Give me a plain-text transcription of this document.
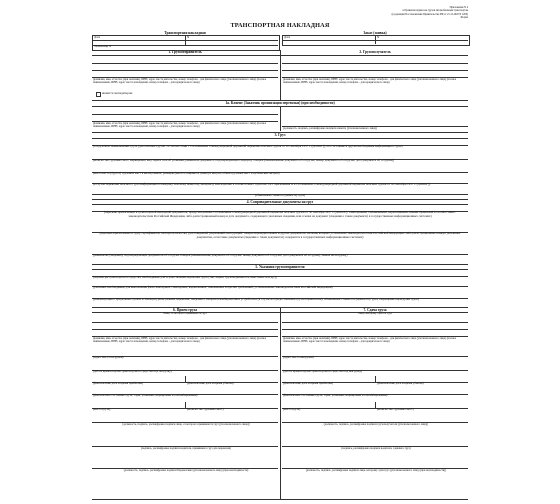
Приложение N 4
к Правилам перевозок грузов автомобильным транспортом
(в редакции Постановления Правительства РФ от 21.12.2020 N 2200)
Форма
ТРАНСПОРТНАЯ НАКЛАДНАЯ
Транспортная накладная	Заказ (заявка)
Дата	N	Дата	N
Экземпляр N
1. Грузоотправитель	2. Грузополучатель
(фамилия, имя, отчество (при наличии), ИНН, адрес места жительства, номер телефона - для физического лица (уполномоченного лица) (полное наименование, ИНН, адрес места нахождения, номер телефона - для юридического лица)
(фамилия, имя, отчество (при наличии), ИНН, адрес места жительства, номер телефона - для физического лица (уполномоченного лица) (полное наименование, ИНН, адрес места нахождения, номер телефона - для юридического лица)
является экспедитором
1а. Клиент (Заказчик организации перевозки) (при необходимости)
(фамилия, имя, отчество (при наличии), ИНН, адрес места жительства, номер телефона - для физического лица (уполномоченного лица) (полное наименование, ИНН, адрес места нахождения, номер телефона - для юридического лица)
(должность, подпись, расшифровка подписи клиента (уполномоченного лица))
3. Груз
(отгрузочное наименование груза (для опасных грузов - в соответствии с Соглашением о международной дорожной перевозке опасных грузов от 30 сентября 1957 г. (ДОПОГ)), его состояние и другая необходимая информация о грузе)
(количество грузовых мест, маркировка, вид тары и способ упаковки, реквизиты документа, подтверждающего передачу товаров (наименование документа об отгрузке, номер документа об отгрузке, дата документа об отгрузке))
(масса нетто (брутто) грузовых мест в килограммах, размеры (высота, ширина и длина) в метрах, объем грузовых мест в кубических метрах)
(в случае перевозки опасного груза информация по каждому опасному веществу, материалу или изделию в соответствии с пунктом 5.4.1 приложения А к Соглашению о международной дорожной перевозке опасных грузов от 30 сентября 1957 г. (ДОПОГ))
(объявленная стоимость (ценность) груза)
4. Сопроводительные документы на груз
(перечень прилагаемых к транспортной накладной документов, предусмотренных Соглашением о международной дорожной перевозке опасных грузов от 30 сентября 1957 г. (ДОПОГ), санитарными, таможенными, карантинными, иными правилами в соответствии с законодательством Российской Федерации, либо регистрационный номер и дата документа, содержащего указанные сведения, или ссылка на документ (сведения о таком документе) в государственных информационных системах)
(перечень прилагаемых к грузу сертификатов, паспортов качества, удостоверений, разрешений, инструкций, товаросопроводительных и других документов, наличие которых установлено законодательством Российской Федерации, либо регистрационные номера указанных документов, если такие документы (сведения о таких документах) содержатся в государственных информационных системах)
(реквизиты (сведения), подтверждающие документов об отгрузке товаров (наименование документа об отгрузке, номер документа об отгрузке, дата документа об отгрузке), заявок на погрузку)
5. Указания грузоотправителя
(параметры транспортного средства, необходимые для осуществления перевозки груза (тип, марка, грузоподъемность, вместимость и др.))
(указания, необходимые для выполнения фитосанитарных, санитарных, карантинных, таможенных и прочих требований, установленных законодательством Российской Федерации)
(рекомендации о предельных сроках и температурном режиме перевозки, сведения о запорно-пломбировочных устройствах (в случае их предоставления грузоотправителем), объявленная стоимость (ценность) груза, запрещение перегрузки груза)
6. Прием груза	7. Сдача груза
Лицо, от которого принимается груз	Лицо, которому сдается груз
(фамилия, имя, отчество (при наличии), ИНН, адрес места жительства, номер телефона - для физического лица (уполномоченного лица) (полное наименование, ИНН, адрес места нахождения, номер телефона - для юридического лица)
(фамилия, имя, отчество (при наличии), ИНН, адрес места жительства, номер телефона - для физического лица (уполномоченного лица) (полное наименование, ИНН, адрес места нахождения, номер телефона - для юридического лица)
(адрес места погрузки)	(адрес места выгрузки)
(дата и время подачи транспортного средства под погрузку)	(дата и время подачи транспортного средства под выгрузку)
(фактические дата и время прибытия)	(фактические дата и время убытия)	(фактические дата и время прибытия)	(фактические дата и время убытия)
(фактическое состояние груза, тары, упаковки, маркировки и опломбирования)	(фактическое состояние груза, тары, упаковки, маркировки и опломбирования)
(масса груза)	(количество грузовых мест)	(масса груза)	(количество грузовых мест)
(должность, подпись, расшифровка подписи лица, от которого принимается груз (уполномоченного лица))	(должность, подпись, расшифровка подписи грузополучателя (уполномоченного лица))
(подпись, расшифровка подписи водителя, принявшего груз для перевозки)	(подпись, расшифровка подписи водителя, сдавшего груз)
(должность, подпись, расшифровка подписи Перевозчика (уполномоченного лица) (при необходимости)	(должность, подпись, расшифровка подписи лица, которому сдан груз (уполномоченного лица) (при необходимости))
